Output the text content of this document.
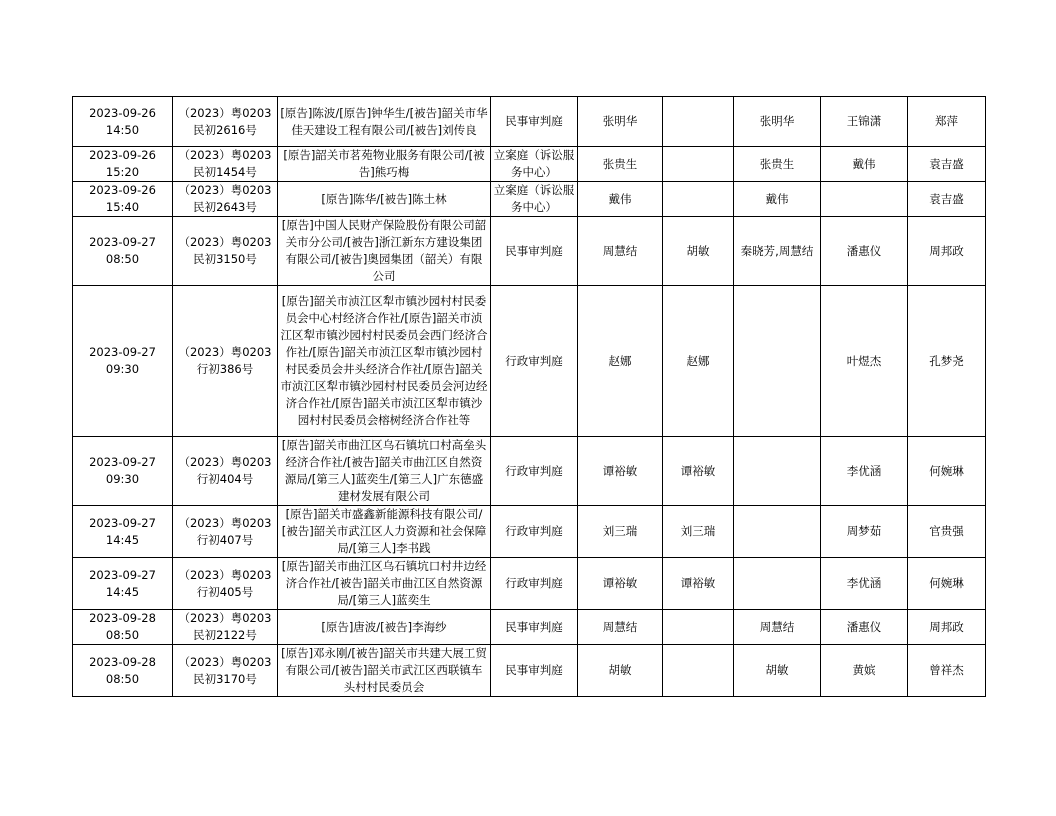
2023-09-26 14:50	（2023）粤0203民初2616号	[原告]陈波/[原告]钟华生/[被告]韶关市华佳天建设工程有限公司/[被告]刘传良	民事审判庭	张明华		张明华	王锦潇	郑萍
2023-09-26 15:20	（2023）粤0203民初1454号	[原告]韶关市茗苑物业服务有限公司/[被告]熊巧梅	立案庭（诉讼服务中心）	张贵生		张贵生	戴伟	袁吉盛
2023-09-26 15:40	（2023）粤0203民初2643号	[原告]陈华/[被告]陈土林	立案庭（诉讼服务中心）	戴伟		戴伟		袁吉盛
2023-09-27 08:50	（2023）粤0203民初3150号	[原告]中国人民财产保险股份有限公司韶关市分公司/[被告]浙江新东方建设集团有限公司/[被告]奥园集团（韶关）有限公司	民事审判庭	周慧结	胡敏	秦晓芳,周慧结	潘惠仪	周邦政
2023-09-27 09:30	（2023）粤0203行初386号	[原告]韶关市浈江区犁市镇沙园村村民委员会中心村经济合作社/[原告]韶关市浈江区犁市镇沙园村村民委员会西门经济合作社/[原告]韶关市浈江区犁市镇沙园村村民委员会井头经济合作社/[原告]韶关市浈江区犁市镇沙园村村民委员会河边经济合作社/[原告]韶关市浈江区犁市镇沙园村村民委员会榕树经济合作社等	行政审判庭	赵娜	赵娜		叶煜杰	孔梦尧
2023-09-27 09:30	（2023）粤0203行初404号	[原告]韶关市曲江区乌石镇坑口村高垒头经济合作社/[被告]韶关市曲江区自然资源局/[第三人]蓝奕生/[第三人]广东德盛建材发展有限公司	行政审判庭	谭裕敏	谭裕敏		李优涵	何婉琳
2023-09-27 14:45	（2023）粤0203行初407号	[原告]韶关市盛鑫新能源科技有限公司/[被告]韶关市武江区人力资源和社会保障局/[第三人]李书践	行政审判庭	刘三瑞	刘三瑞		周梦茹	官贵强
2023-09-27 14:45	（2023）粤0203行初405号	[原告]韶关市曲江区乌石镇坑口村井边经济合作社/[被告]韶关市曲江区自然资源局/[第三人]蓝奕生	行政审判庭	谭裕敏	谭裕敏		李优涵	何婉琳
2023-09-28 08:50	（2023）粤0203民初2122号	[原告]唐波/[被告]李海纱	民事审判庭	周慧结		周慧结	潘惠仪	周邦政
2023-09-28 08:50	（2023）粤0203民初3170号	[原告]邓永刚/[被告]韶关市共建大展工贸有限公司/[被告]韶关市武江区西联镇车头村村民委员会	民事审判庭	胡敏		胡敏	黄嫔	曾祥杰
